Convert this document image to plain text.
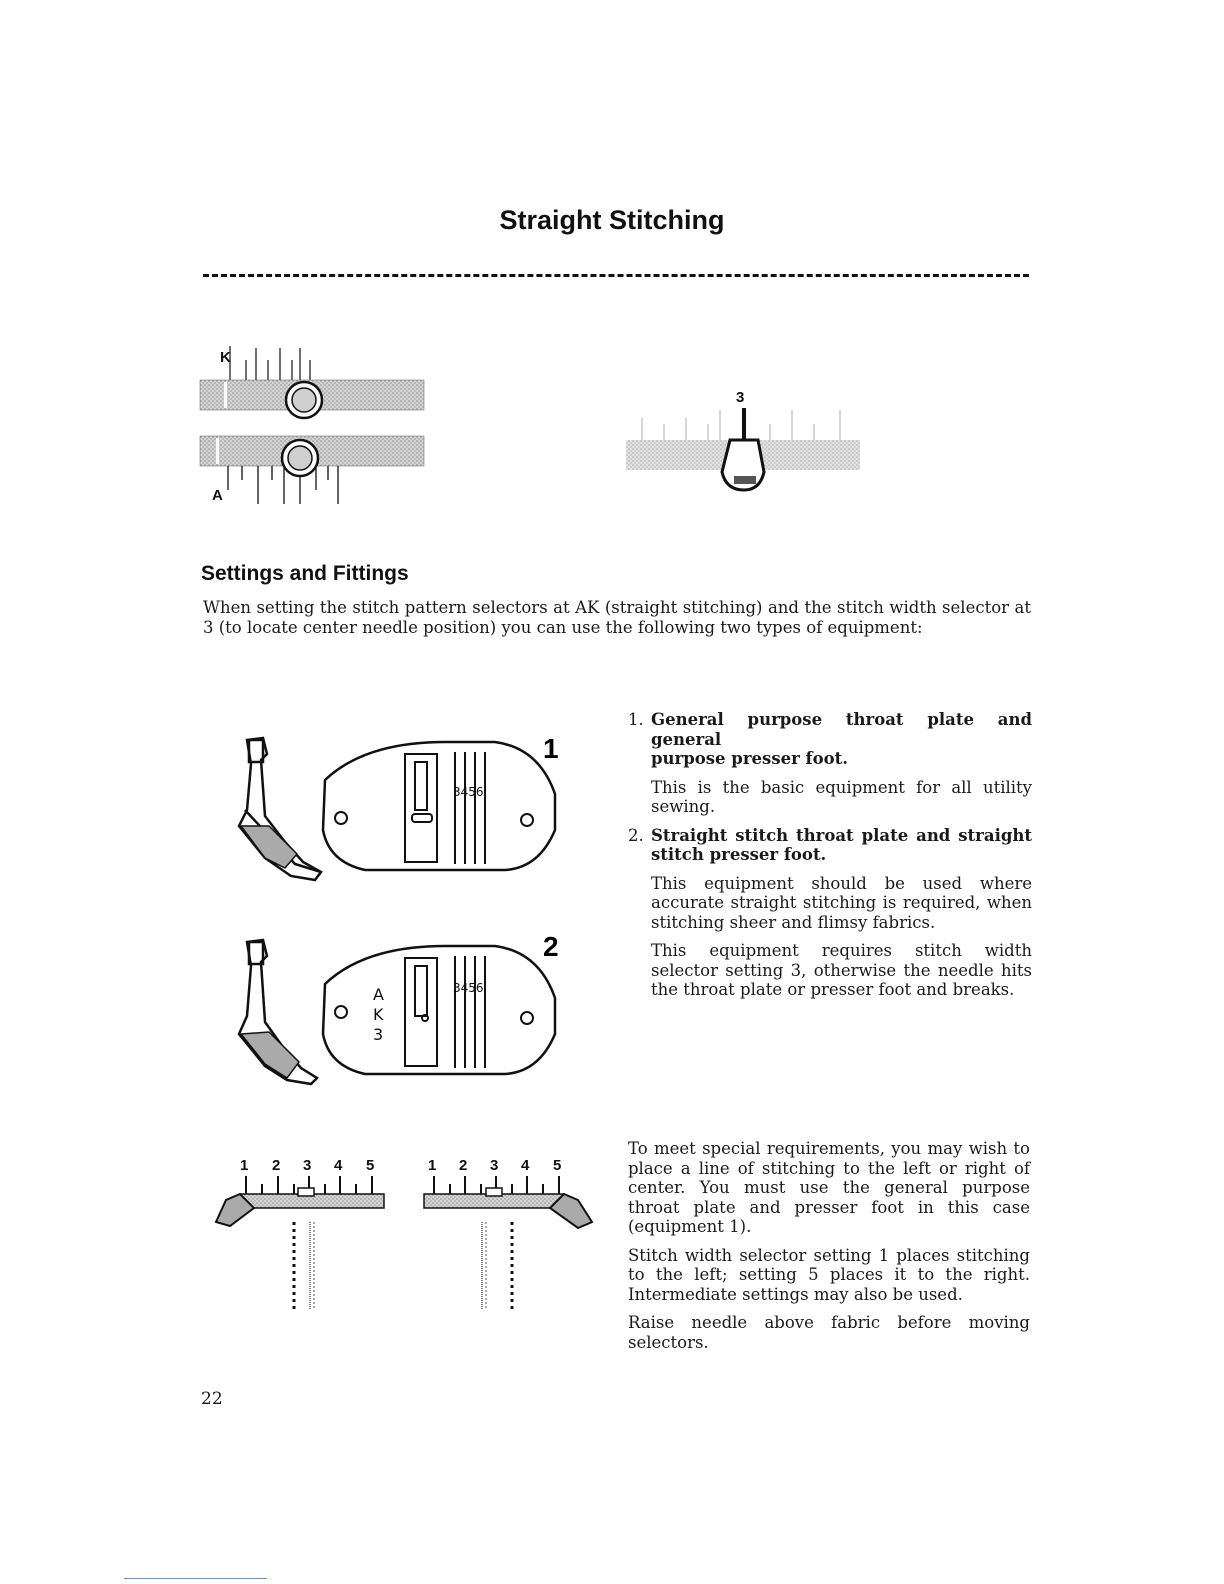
Straight Stitching
K
A
3
Settings and Fittings
When setting the stitch pattern selectors at AK (straight stitching) and the stitch width selector at 3 (to locate center needle position) you can use the following two types of equipment:
3456
1
3456
A
K
3
2
1 2 3 4 5	1 2 3 4 5
1. General purpose throat plate and general
purpose presser foot.

This is the basic equipment for all utility sewing.

2. Straight stitch throat plate and straight stitch presser foot.

This equipment should be used where accurate straight stitching is required, when stitching sheer and flimsy fabrics.

This equipment requires stitch width selector setting 3, otherwise the needle hits the throat plate or presser foot and breaks.

To meet special requirements, you may wish to place a line of stitching to the left or right of center. You must use the general purpose throat plate and presser foot in this case (equipment 1).

Stitch width selector setting 1 places stitching to the left; setting 5 places it to the right. Intermediate settings may also be used.

Raise needle above fabric before moving selectors.

22
